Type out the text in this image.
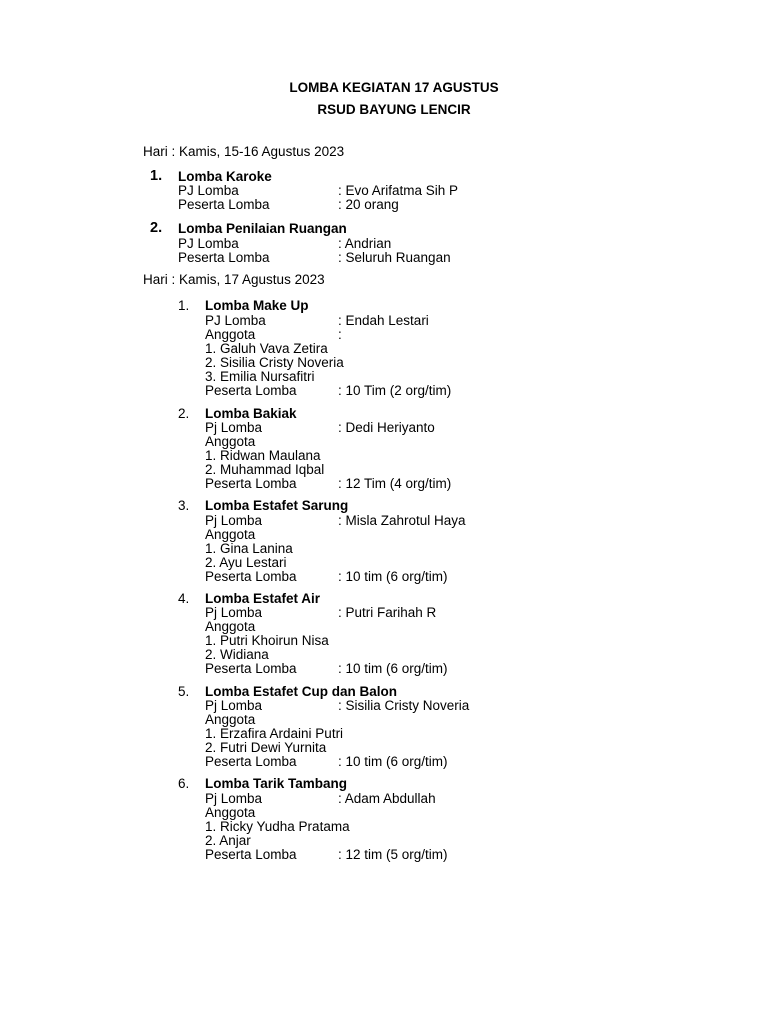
LOMBA KEGIATAN 17 AGUSTUS
RSUD BAYUNG LENCIR
Hari : Kamis, 15-16 Agustus 2023
1. Lomba Karoke
PJ Lomba	: Evo Arifatma Sih P
Peserta Lomba	: 20 orang
2. Lomba Penilaian Ruangan
PJ Lomba	: Andrian
Peserta Lomba	: Seluruh Ruangan
Hari : Kamis, 17 Agustus 2023
1. Lomba Make Up
PJ Lomba	: Endah Lestari
Anggota	:
1. Galuh Vava Zetira
2. Sisilia Cristy Noveria
3. Emilia Nursafitri
Peserta Lomba	: 10 Tim (2 org/tim)
2. Lomba Bakiak
Pj Lomba	: Dedi Heriyanto
Anggota
1. Ridwan Maulana
2. Muhammad Iqbal
Peserta Lomba	: 12 Tim (4 org/tim)
3. Lomba Estafet Sarung
Pj Lomba	: Misla Zahrotul Haya
Anggota
1. Gina Lanina
2. Ayu Lestari
Peserta Lomba	: 10 tim (6 org/tim)
4. Lomba Estafet Air
Pj Lomba	: Putri Farihah R
Anggota
1. Putri Khoirun Nisa
2. Widiana
Peserta Lomba	: 10 tim (6 org/tim)
5. Lomba Estafet Cup dan Balon
Pj Lomba	: Sisilia Cristy Noveria
Anggota
1. Erzafira Ardaini Putri
2. Futri Dewi Yurnita
Peserta Lomba	: 10 tim (6 org/tim)
6. Lomba Tarik Tambang
Pj Lomba	: Adam Abdullah
Anggota
1. Ricky Yudha Pratama
2. Anjar
Peserta Lomba	: 12 tim (5 org/tim)
